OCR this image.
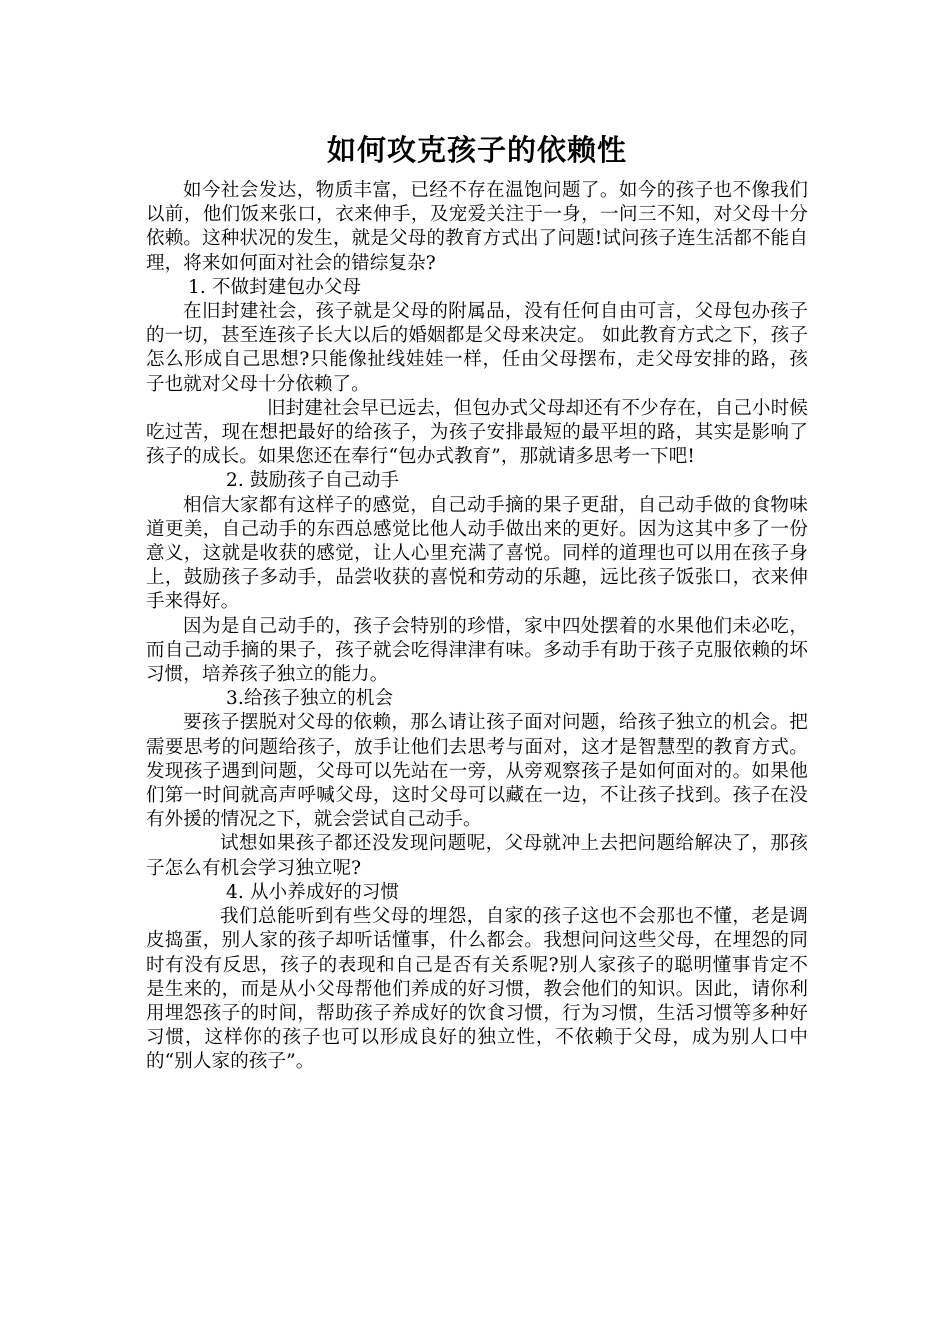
如何攻克孩子的依赖性

如今社会发达，物质丰富，已经不存在温饱问题了。如今的孩子也不像我们以前，他们饭来张口，衣来伸手，及宠爱关注于一身，一问三不知，对父母十分依赖。这种状况的发生，就是父母的教育方式出了问题!试问孩子连生活都不能自理，将来如何面对社会的错综复杂?

1. 不做封建包办父母

在旧封建社会，孩子就是父母的附属品，没有任何自由可言，父母包办孩子的一切，甚至连孩子长大以后的婚姻都是父母来决定。 如此教育方式之下，孩子怎么形成自己思想?只能像扯线娃娃一样，任由父母摆布，走父母安排的路，孩子也就对父母十分依赖了。

旧封建社会早已远去，但包办式父母却还有不少存在，自己小时候吃过苦，现在想把最好的给孩子，为孩子安排最短的最平坦的路，其实是影响了孩子的成长。如果您还在奉行“包办式教育”，那就请多思考一下吧!

2. 鼓励孩子自己动手

相信大家都有这样子的感觉，自己动手摘的果子更甜，自己动手做的食物味道更美，自己动手的东西总感觉比他人动手做出来的更好。因为这其中多了一份意义，这就是收获的感觉，让人心里充满了喜悦。同样的道理也可以用在孩子身上，鼓励孩子多动手，品尝收获的喜悦和劳动的乐趣，远比孩子饭张口，衣来伸手来得好。

因为是自己动手的，孩子会特别的珍惜，家中四处摆着的水果他们未必吃，而自己动手摘的果子，孩子就会吃得津津有味。多动手有助于孩子克服依赖的坏习惯，培养孩子独立的能力。

3.给孩子独立的机会

要孩子摆脱对父母的依赖，那么请让孩子面对问题，给孩子独立的机会。把需要思考的问题给孩子，放手让他们去思考与面对，这才是智慧型的教育方式。发现孩子遇到问题，父母可以先站在一旁，从旁观察孩子是如何面对的。如果他们第一时间就高声呼喊父母，这时父母可以藏在一边，不让孩子找到。孩子在没有外援的情况之下，就会尝试自己动手。

试想如果孩子都还没发现问题呢，父母就冲上去把问题给解决了，那孩子怎么有机会学习独立呢?

4. 从小养成好的习惯

我们总能听到有些父母的埋怨，自家的孩子这也不会那也不懂，老是调皮捣蛋，别人家的孩子却听话懂事，什么都会。我想问问这些父母，在埋怨的同时有没有反思，孩子的表现和自己是否有关系呢?别人家孩子的聪明懂事肯定不是生来的，而是从小父母帮他们养成的好习惯，教会他们的知识。因此，请你利用埋怨孩子的时间，帮助孩子养成好的饮食习惯，行为习惯，生活习惯等多种好习惯，这样你的孩子也可以形成良好的独立性，不依赖于父母，成为别人口中的“别人家的孩子”。
